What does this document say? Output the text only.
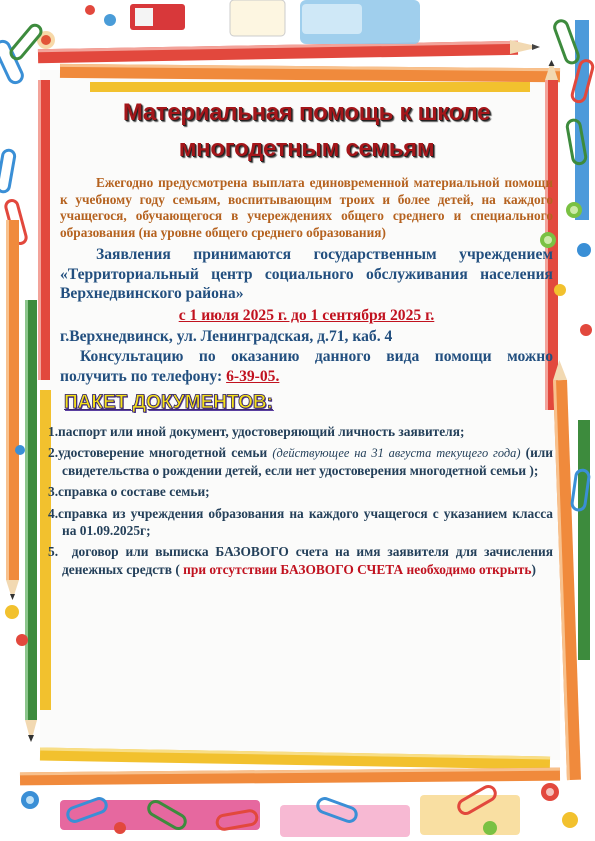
Материальная помощь к школе
многодетным семьям

Ежегодно предусмотрена выплата единовременной материальной помощи к учебному году семьям, воспитывающим троих и более детей, на каждого учащегося, обучающегося в учереждениях общего среднего и специального образования (на уровне общего среднего образования)

Заявления принимаются государственным учреждением «Территориальный центр социального обслуживания населения Верхнедвинского района»

с 1 июля 2025 г. до 1 сентября 2025 г.
г.Верхнедвинск, ул. Ленинградская, д.71, каб. 4
Консультацию по оказанию данного вида помощи можно получить по телефону: 6-39-05.
ПАКЕТ ДОКУМЕНТОВ:
1.паспорт или иной документ, удостоверяющий личность заявителя;
2.удостоверение многодетной семьи (действующее на 31 августа текущего года) (или свидетельства о рождении детей, если нет удостоверения многодетной семьи );
3.справка о составе семьи;
4.справка из учреждения образования на каждого учащегося с указанием класса на 01.09.2025г;
5. договор или выписка БАЗОВОГО счета на имя заявителя для зачисления денежных средств ( при отсутствии БАЗОВОГО СЧЕТА необходимо открыть)
